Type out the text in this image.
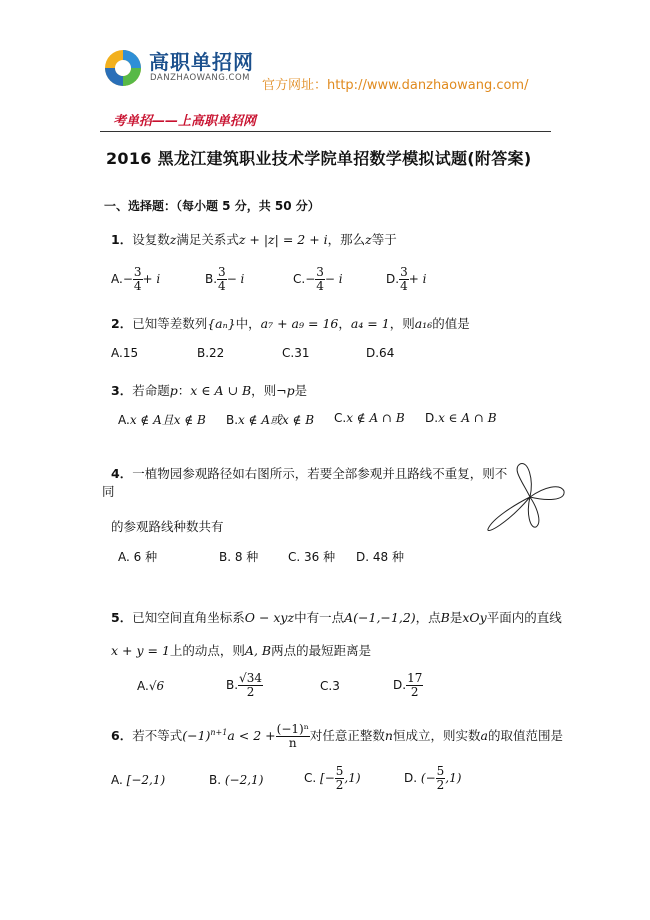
高职单招网
DANZHAOWANG.COM 官方网址：http://www.danzhaowang.com/
考单招——上高职单招网
2016 黑龙江建筑职业技术学院单招数学模拟试题(附答案)
一、选择题：（每小题 5 分，共 50 分）
1．设复数z满足关系式z + |z| = 2 + i，那么z等于
$A.- \frac{3}{4} + i$	B. $\frac{3}{4} - i$	$C.- \frac{3}{4} - i$	D. $\frac{3}{4} + i$
2．已知等差数列{aₙ}中，a₇ + a₉ = 16，a₄ = 1，则a₁₆的值是
A.15	B.22	C.31	D.64
3．若命题p：x ∈ A ∪ B，则¬p是
A.x ∉ A且x ∉ B B.x ∉ A或x ∉ B C.x ∉ A ∩ B D.x ∈ A ∩ B
4．一植物园参观路径如右图所示，若要全部参观并且路线不重复，则不
同
的参观路线种数共有
A. 6 种	B. 8 种 C. 36 种 D. 48 种
5．已知空间直角坐标系O − xyz中有一点A(−1,−1,2)，点B是xOy平面内的直线
x + y = 1上的动点，则A, B两点的最短距离是
A.√6	B. $\frac{√34}{2}$	C.3	D. $\frac{17}{2}$
6．若不等式$(-1)^{n+1}a < 2 + \frac{\text{(−1)ⁿ}}{n}$ 对任意正整数n恒成立，则实数a的取值范围是
A. [−2,1)	B. (−2,1)	C. [− $\frac{5}{2} ,1$)	D. (− $\frac{5}{2} ,1$)
